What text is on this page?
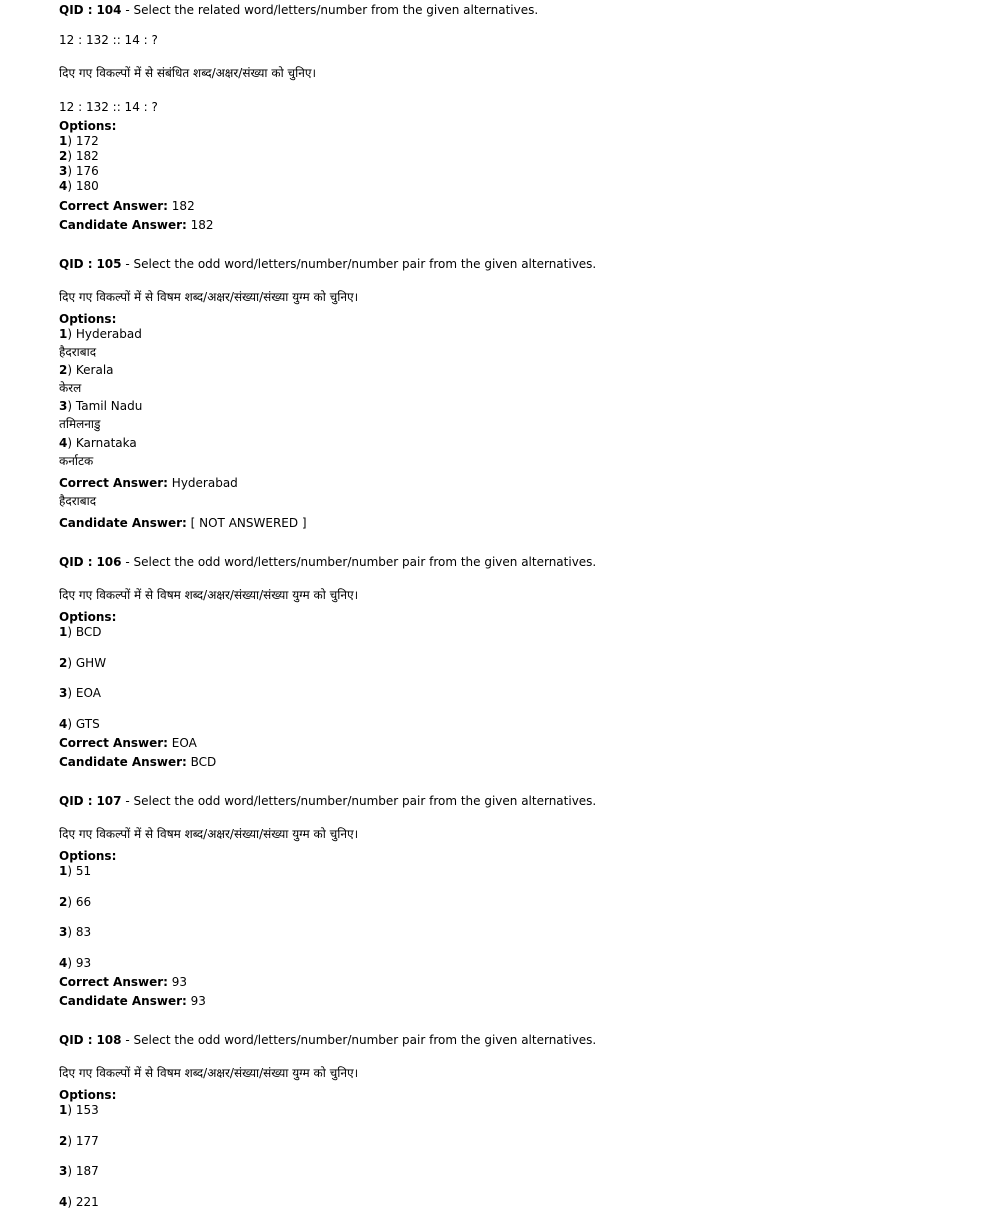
QID : 104 - Select the related word/letters/number from the given alternatives.
12 : 132 :: 14 : ?
दिए गए विकल्पों में से संबंधित शब्द/अक्षर/संख्या को चुनिए।
12 : 132 :: 14 : ?
Options:
1) 172
2) 182
3) 176
4) 180
Correct Answer: 182
Candidate Answer: 182
QID : 105 - Select the odd word/letters/number/number pair from the given alternatives.
दिए गए विकल्पों में से विषम शब्द/अक्षर/संख्या/संख्या युग्म को चुनिए।
Options:
1) Hyderabad
हैदराबाद
2) Kerala
केरल
3) Tamil Nadu
तमिलनाडु
4) Karnataka
कर्नाटक
Correct Answer: Hyderabad
हैदराबाद
Candidate Answer: [ NOT ANSWERED ]
QID : 106 - Select the odd word/letters/number/number pair from the given alternatives.
दिए गए विकल्पों में से विषम शब्द/अक्षर/संख्या/संख्या युग्म को चुनिए।
Options:
1) BCD
2) GHW
3) EOA
4) GTS
Correct Answer: EOA
Candidate Answer: BCD
QID : 107 - Select the odd word/letters/number/number pair from the given alternatives.
दिए गए विकल्पों में से विषम शब्द/अक्षर/संख्या/संख्या युग्म को चुनिए।
Options:
1) 51
2) 66
3) 83
4) 93
Correct Answer: 93
Candidate Answer: 93
QID : 108 - Select the odd word/letters/number/number pair from the given alternatives.
दिए गए विकल्पों में से विषम शब्द/अक्षर/संख्या/संख्या युग्म को चुनिए।
Options:
1) 153
2) 177
3) 187
4) 221
